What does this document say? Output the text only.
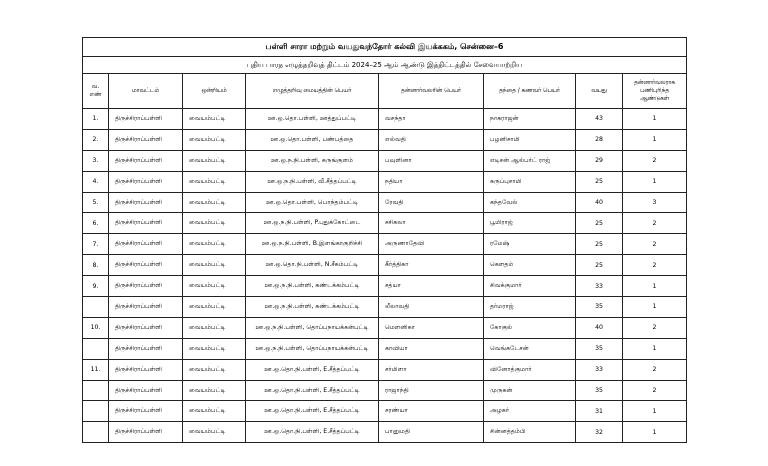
பள்ளி சாரா மற்றும் வயதுவந்தோர் கல்வி இயக்ககம், சென்னை–6							
புதிய பாரத எழுத்தறிவுத் திட்டம் 2024–25 ஆம் ஆண்டு இத்திட்டத்தில் சேவையாற்றிய							
வ. எண்	மாவட்டம்	ஒன்றியம்	எழுத்தறிவு மையத்தின் பெயர்	தன்னார்வலரின் பெயர்	தந்தை / கணவர் பெயர்	வயது	தன்னார்வலராக பணிபுரிந்த ஆண்டுகள்
1.	திருச்சிராப்பள்ளி	வையம்பட்டி	ஊ.ஒ.தொ.பள்ளி, ஊத்துப்பட்டி	வசந்தா	நாகராஜன்	43	1
2.	திருச்சிராப்பள்ளி	வையம்பட்டி	ஊ.ஒ.தொ.பள்ளி, பண்பத்தை	எல்வதி	பழனிசாமி	28	1
3.	திருச்சிராப்பள்ளி	வையம்பட்டி	ஊ.ஒ.ந.நி.பள்ளி, கருங்குளம்	பவுளினா	எடிசன் ஆல்பர்ட் ராஜ்	29	2
4.	திருச்சிராப்பள்ளி	வையம்பட்டி	ஊ.ஒ.ந.நி.பள்ளி, வீ.சீத்தப்பட்டி	நதியா	கருப்புசாமி	25	1
5.	திருச்சிராப்பள்ளி	வையம்பட்டி	ஊ.ஒ.தொ.பள்ளி, பொந்தம்பட்டி	ரேவதி	கந்தவேல்	40	3
6.	திருச்சிராப்பள்ளி	வையம்பட்டி	ஊ.ஒ.ந.நி.பள்ளி, P.புதுக்கோட்டை	சசிகலா	பூமிராஜ்	25	2
7.	திருச்சிராப்பள்ளி	வையம்பட்டி	ஊ.ஒ.ந.நி.பள்ளி, B.இளங்காகுறிச்சி	அருணாதேவி	ரமேஷ்	25	2
8.	திருச்சிராப்பள்ளி	வையம்பட்டி	ஊ.ஒ.தொ.நி.பள்ளி, N.சீகம்பட்டி	கீர்த்திகா	கௌதம்	25	2
9.	திருச்சிராப்பள்ளி	வையம்பட்டி	ஊ.ஒ.ந.நி.பள்ளி, கண்டக்கம்பட்டி	சத்யா	சிவக்குமார்	33	1
	திருச்சிராப்பள்ளி	வையம்பட்டி	ஊ.ஒ.ந.நி.பள்ளி, கண்டக்கம்பட்டி	லீலாவதி	தர்மராஜ்	35	1
10.	திருச்சிராப்பள்ளி	வையம்பட்டி	ஊ.ஒ.ந.நி.பள்ளி, தொப்பநாயக்கன்பட்டி	மௌனிகா	கோகுல்	40	2
	திருச்சிராப்பள்ளி	வையம்பட்டி	ஊ.ஒ.ந.நி.பள்ளி, தொப்பநாயக்கன்பட்டி	காவியா	வெங்கடேசன்	35	1
11.	திருச்சிராப்பள்ளி	வையம்பட்டி	ஊ.ஒ.தொ.நி.பள்ளி, E.சீத்தப்பட்டி	சர்மிளா	வினோத்குமார்	33	2
	திருச்சிராப்பள்ளி	வையம்பட்டி	ஊ.ஒ.தொ.நி.பள்ளி, E.சீத்தப்பட்டி	ராஜாந்தி	முருகன்	35	2
	திருச்சிராப்பள்ளி	வையம்பட்டி	ஊ.ஒ.தொ.நி.பள்ளி, E.சீத்தப்பட்டி	சரண்யா	அழகர்	31	1
	திருச்சிராப்பள்ளி	வையம்பட்டி	ஊ.ஒ.தொ.நி.பள்ளி, E.சீத்தப்பட்டி	பானுமதி	சின்னத்தம்பி	32	1
